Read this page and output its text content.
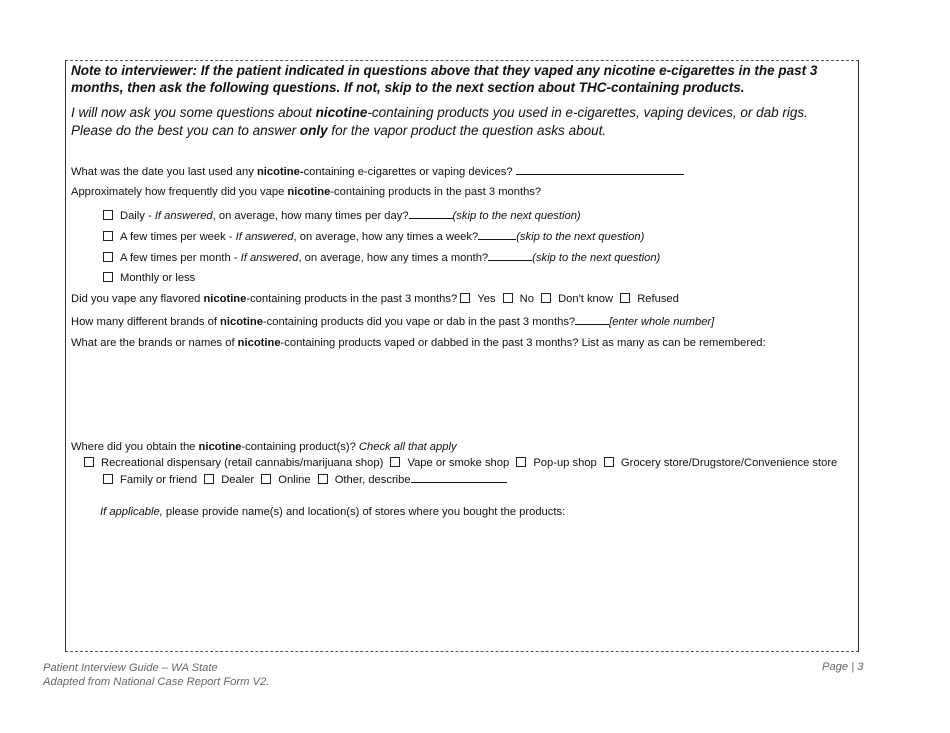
Note to interviewer: If the patient indicated in questions above that they vaped any nicotine e-cigarettes in the past 3 months, then ask the following questions. If not, skip to the next section about THC-containing products.
I will now ask you some questions about nicotine-containing products you used in e-cigarettes, vaping devices, or dab rigs.
Please do the best you can to answer only for the vapor product the question asks about.
What was the date you last used any nicotine-containing e-cigarettes or vaping devices?
Approximately how frequently did you vape nicotine-containing products in the past 3 months?
Daily - If answered, on average, how many times per day?	(skip to the next question)
A few times per week - If answered, on average, how any times a week?	(skip to the next question)
A few times per month - If answered, on average, how any times a month?	(skip to the next question)
Monthly or less
Did you vape any flavored nicotine-containing products in the past 3 months? Yes No Don't know Refused
How many different brands of nicotine-containing products did you vape or dab in the past 3 months?	[enter whole number]
What are the brands or names of nicotine-containing products vaped or dabbed in the past 3 months? List as many as can be remembered:
Where did you obtain the nicotine-containing product(s)? Check all that apply
Recreational dispensary (retail cannabis/marijuana shop) Vape or smoke shop Pop-up shop Grocery store/Drugstore/Convenience store
Family or friend Dealer Online Other, describe
If applicable, please provide name(s) and location(s) of stores where you bought the products:
Patient Interview Guide – WA State
Adapted from National Case Report Form V2.
Page | 3
